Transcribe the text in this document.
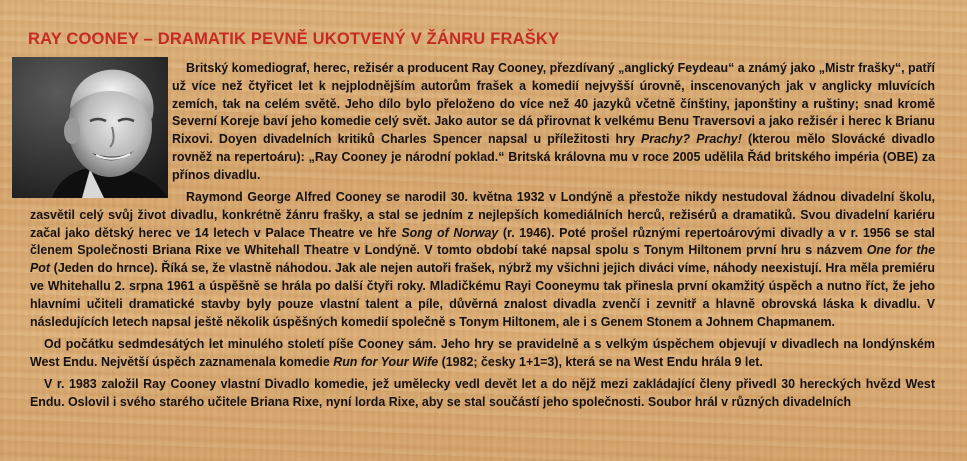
RAY COONEY – DRAMATIK PEVNĚ UKOTVENÝ V ŽÁNRU FRAŠKY

Britský komediograf, herec, režisér a producent Ray Cooney, přezdívaný „anglický Feydeau“ a známý jako „Mistr frašky“, patří už více než čtyřicet let k nejplodnějším autorům frašek a komedií nejvyšší úrovně, inscenovaných jak v anglicky mluvících zemích, tak na celém světě. Jeho dílo bylo přeloženo do více než 40 jazyků včetně čínštiny, japonštiny a ruštiny; snad kromě Severní Koreje baví jeho komedie celý svět. Jako autor se dá přirovnat k velkému Benu Traversovi a jako režisér i herec k Brianu Rixovi. Doyen divadelních kritiků Charles Spencer napsal u příležitosti hry Prachy? Prachy! (kterou mělo Slovácké divadlo rovněž na repertoáru): „Ray Cooney je národní poklad.“ Britská královna mu v roce 2005 udělila Řád britského impéria (OBE) za přínos divadlu.

Raymond George Alfred Cooney se narodil 30. května 1932 v Londýně a přestože nikdy nestudoval žádnou divadelní školu, zasvětil celý svůj život divadlu, konkrétně žánru frašky, a stal se jedním z nejlepších komediálních herců, režisérů a dramatiků. Svou divadelní kariéru začal jako dětský herec ve 14 letech v Palace Theatre ve hře Song of Norway (r. 1946). Poté prošel různými repertoárovými divadly a v r. 1956 se stal členem Společnosti Briana Rixe ve Whitehall Theatre v Londýně. V tomto období také napsal spolu s Tonym Hiltonem první hru s názvem One for the Pot (Jeden do hrnce). Říká se, že vlastně náhodou. Jak ale nejen autoři frašek, nýbrž my všichni jejich diváci víme, náhody neexistují. Hra měla premiéru ve Whitehallu 2. srpna 1961 a úspěšně se hrála po další čtyři roky. Mladičkému Rayi Cooneymu tak přinesla první okamžitý úspěch a nutno říct, že jeho hlavními učiteli dramatické stavby byly pouze vlastní talent a píle, důvěrná znalost divadla zvenčí i zevnitř a hlavně obrovská láska k divadlu. V následujících letech napsal ještě několik úspěšných komedií společně s Tonym Hiltonem, ale i s Genem Stonem a Johnem Chapmanem.

Od počátku sedmdesátých let minulého století píše Cooney sám. Jeho hry se pravidelně a s velkým úspěchem objevují v divadlech na londýnském West Endu. Největší úspěch zaznamenala komedie Run for Your Wife (1982; česky 1+1=3), která se na West Endu hrála 9 let.

V r. 1983 založil Ray Cooney vlastní Divadlo komedie, jež umělecky vedl devět let a do nějž mezi zakládající členy přivedl 30 hereckých hvězd West Endu. Oslovil i svého starého učitele Briana Rixe, nyní lorda Rixe, aby se stal součástí jeho společnosti. Soubor hrál v různých divadelních
